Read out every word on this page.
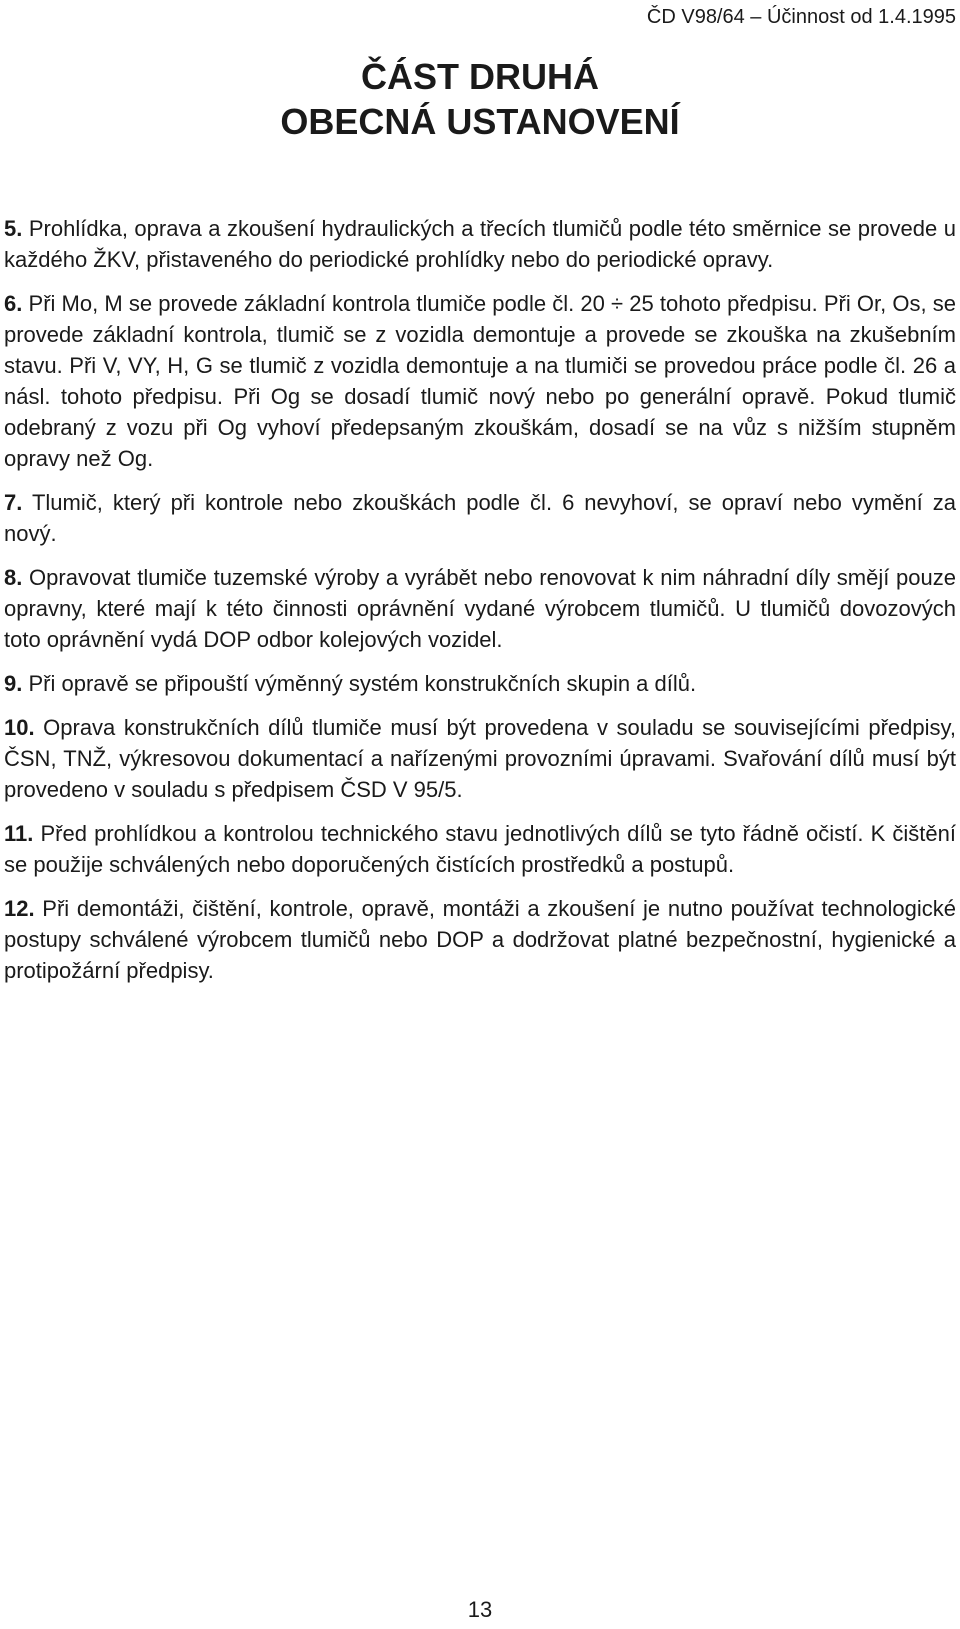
ČD V98/64 – Účinnost od 1.4.1995
ČÁST DRUHÁ
OBECNÁ USTANOVENÍ

5. Prohlídka, oprava a zkoušení hydraulických a třecích tlumičů podle této směrnice se provede u každého ŽKV, přistaveného do periodické prohlídky nebo do periodické opravy.

6. Při Mo, M se provede základní kontrola tlumiče podle čl. 20 ÷ 25 tohoto předpisu. Při Or, Os, se provede základní kontrola, tlumič se z vozidla demontuje a provede se zkouška na zkušebním stavu. Při V, VY, H, G se tlumič z vozidla demontuje a na tlumiči se provedou práce podle čl. 26 a násl. tohoto předpisu. Při Og se dosadí tlumič nový nebo po generální opravě. Pokud tlumič odebraný z vozu při Og vyhoví předepsaným zkouškám, dosadí se na vůz s nižším stupněm opravy než Og.

7. Tlumič, který při kontrole nebo zkouškách podle čl. 6 nevyhoví, se opraví nebo vymění za nový.

8. Opravovat tlumiče tuzemské výroby a vyrábět nebo renovovat k nim náhradní díly smějí pouze opravny, které mají k této činnosti oprávnění vydané výrobcem tlumičů. U tlumičů dovozových toto oprávnění vydá DOP odbor kolejových vozidel.

9. Při opravě se připouští výměnný systém konstrukčních skupin a dílů.

10. Oprava konstrukčních dílů tlumiče musí být provedena v souladu se souvisejícími předpisy, ČSN, TNŽ, výkresovou dokumentací a nařízenými provozními úpravami. Svařování dílů musí být provedeno v souladu s předpisem ČSD V 95/5.

11. Před prohlídkou a kontrolou technického stavu jednotlivých dílů se tyto řádně očistí. K čištění se použije schválených nebo doporučených čistících prostředků a postupů.

12. Při demontáži, čištění, kontrole, opravě, montáži a zkoušení je nutno používat technologické postupy schválené výrobcem tlumičů nebo DOP a dodržovat platné bezpečnostní, hygienické a protipožární předpisy.

13
